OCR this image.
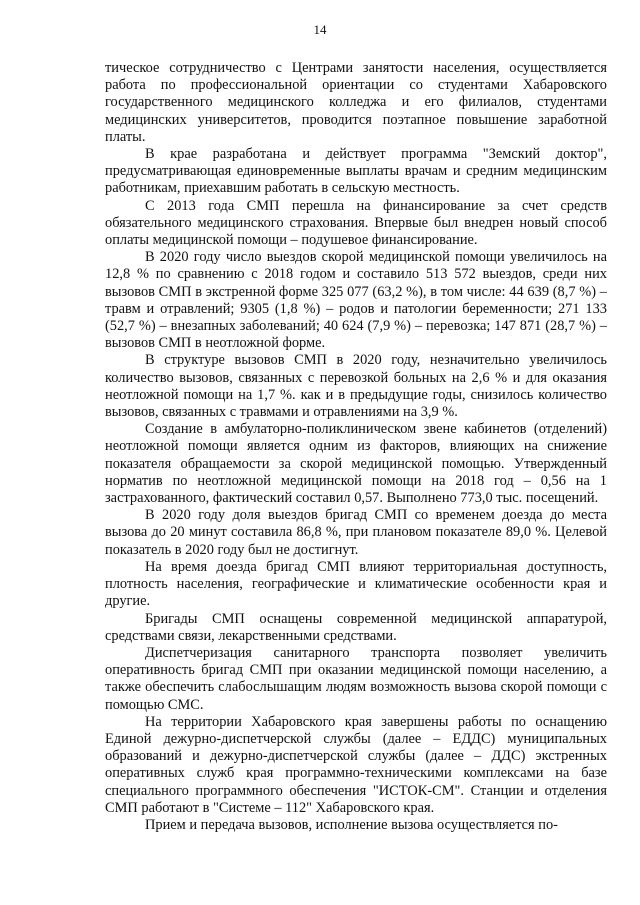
14

тическое сотрудничество с Центрами занятости населения, осуществляется работа по профессиональной ориентации со студентами Хабаровского государственного медицинского колледжа и его филиалов, студентами медицинских университетов, проводится поэтапное повышение заработной платы.

В крае разработана и действует программа "Земский доктор", предусматривающая единовременные выплаты врачам и средним медицинским работникам, приехавшим работать в сельскую местность.

С 2013 года СМП перешла на финансирование за счет средств обязательного медицинского страхования. Впервые был внедрен новый способ оплаты медицинской помощи – подушевое финансирование.

В 2020 году число выездов скорой медицинской помощи увеличилось на 12,8 % по сравнению с 2018 годом и составило 513 572 выездов, среди них вызовов СМП в экстренной форме 325 077 (63,2 %), в том числе: 44 639 (8,7 %) – травм и отравлений; 9305 (1,8 %) – родов и патологии беременности; 271 133 (52,7 %) – внезапных заболеваний; 40 624 (7,9 %) – перевозка; 147 871 (28,7 %) – вызовов СМП в неотложной форме.

В структуре вызовов СМП в 2020 году, незначительно увеличилось количество вызовов, связанных с перевозкой больных на 2,6 % и для оказания неотложной помощи на 1,7 %. как и в предыдущие годы, снизилось количество вызовов, связанных с травмами и отравлениями на 3,9 %.

Создание в амбулаторно-поликлиническом звене кабинетов (отделений) неотложной помощи является одним из факторов, влияющих на снижение показателя обращаемости за скорой медицинской помощью. Утвержденный норматив по неотложной медицинской помощи на 2018 год – 0,56 на 1 застрахованного, фактический составил 0,57. Выполнено 773,0 тыс. посещений.

В 2020 году доля выездов бригад СМП со временем доезда до места вызова до 20 минут составила 86,8 %, при плановом показателе 89,0 %. Целевой показатель в 2020 году был не достигнут.

На время доезда бригад СМП влияют территориальная доступность, плотность населения, географические и климатические особенности края и другие.

Бригады СМП оснащены современной медицинской аппаратурой, средствами связи, лекарственными средствами.

Диспетчеризация санитарного транспорта позволяет увеличить оперативность бригад СМП при оказании медицинской помощи населению, а также обеспечить слабослышащим людям возможность вызова скорой помощи с помощью СМС.

На территории Хабаровского края завершены работы по оснащению Единой дежурно-диспетчерской службы (далее – ЕДДС) муниципальных образований и дежурно-диспетчерской службы (далее – ДДС) экстренных оперативных служб края программно-техническими комплексами на базе специального программного обеспечения "ИСТОК-СМ". Станции и отделения СМП работают в "Системе – 112" Хабаровского края.

Прием и передача вызовов, исполнение вызова осуществляется по-
